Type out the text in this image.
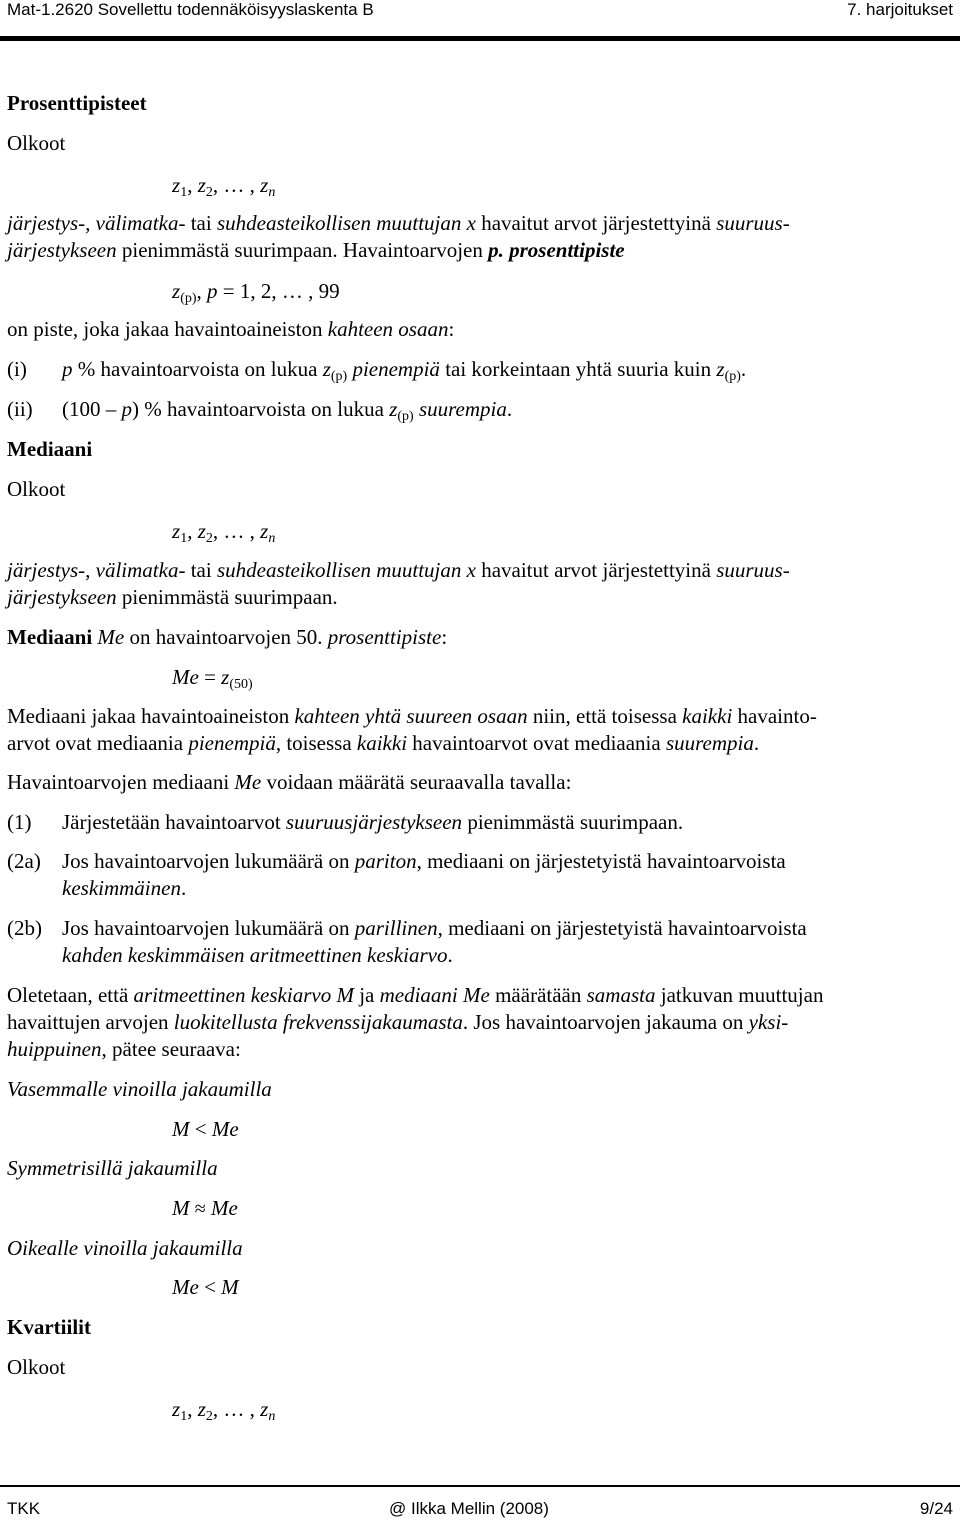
Mat-1.2620 Sovellettu todennäköisyyslaskenta B	7. harjoitukset
Prosenttipisteet
Olkoot
$z_1$, $z_2$, … , $z_n$
järjestys-, välimatka- tai suhdeasteikollisen muuttujan x havaitut arvot järjestettyinä suuruus-
järjestykseen pienimmästä suurimpaan. Havaintoarvojen p. prosenttipiste
$z_{(p)}$, p = 1, 2, … , 99
on piste, joka jakaa havaintoaineiston kahteen osaan:
(i) p % havaintoarvoista on lukua $z_{(p)}$ pienempiä tai korkeintaan yhtä suuria kuin $z_{(p)}$.
(ii) (100 – p) % havaintoarvoista on lukua $z_{(p)}$ suurempia.
Mediaani
Olkoot
$z_1$, $z_2$, … , $z_n$
järjestys-, välimatka- tai suhdeasteikollisen muuttujan x havaitut arvot järjestettyinä suuruus-
järjestykseen pienimmästä suurimpaan.
Mediaani Me on havaintoarvojen 50. prosenttipiste:
$Me = z_{(50)}$
Mediaani jakaa havaintoaineiston kahteen yhtä suureen osaan niin, että toisessa kaikki havainto-
arvot ovat mediaania pienempiä, toisessa kaikki havaintoarvot ovat mediaania suurempia.
Havaintoarvojen mediaani Me voidaan määrätä seuraavalla tavalla:
(1) Järjestetään havaintoarvot suuruusjärjestykseen pienimmästä suurimpaan.
(2a) Jos havaintoarvojen lukumäärä on pariton, mediaani on järjestetyistä havaintoarvoista
keskimmäinen.
(2b) Jos havaintoarvojen lukumäärä on parillinen, mediaani on järjestetyistä havaintoarvoista
kahden keskimmäisen aritmeettinen keskiarvo.
Oletetaan, että aritmeettinen keskiarvo M ja mediaani Me määrätään samasta jatkuvan muuttujan
havaittujen arvojen luokitellusta frekvenssijakaumasta. Jos havaintoarvojen jakauma on yksi-
huippuinen, pätee seuraava:
Vasemmalle vinoilla jakaumilla
M < Me
Symmetrisillä jakaumilla
M ≈ Me
Oikealle vinoilla jakaumilla
Me < M
Kvartiilit
Olkoot
$z_1$, $z_2$, … , $z_n$
TKK	@ Ilkka Mellin (2008)	9/24
